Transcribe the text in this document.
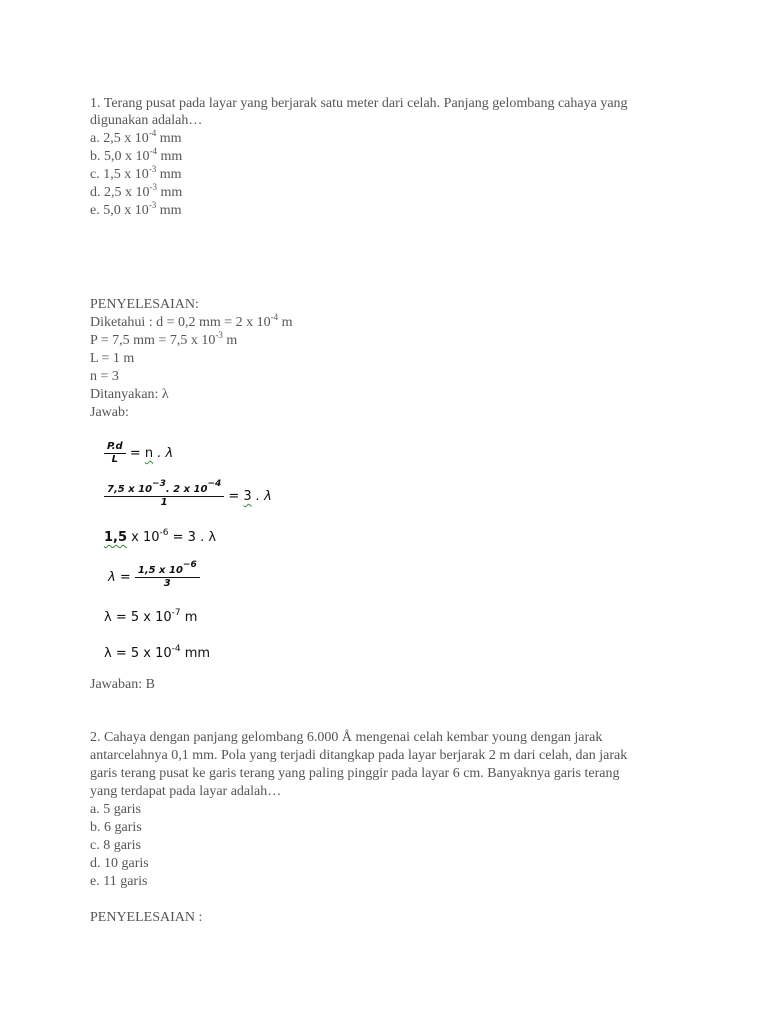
1. Terang pusat pada layar yang berjarak satu meter dari celah. Panjang gelombang cahaya yang
digunakan adalah…
a. 2,5 x $10^{-4}$ mm
b. 5,0 x $10^{-4}$ mm
c. 1,5 x $10^{-3}$ mm
d. 2,5 x $10^{-3}$ mm
e. 5,0 x $10^{-3}$ mm
PENYELESAIAN:
Diketahui : d = 0,2 mm = 2 x $10^{-4}$ m
P = 7,5 mm = 7,5 x $10^{-3}$ m
L = 1 m
n = 3
Ditanyakan: λ
Jawab:
$\frac{P.d}{L} = n$ . λ
$\frac{7,5 x 10^{-3}. 2 x 10^{-4}}{1} = 3$ . λ
1,5 x $10^{-6} = 3$ . λ
$\lambda = \frac{1,5 x 10^{-6}}{3}$
λ = 5 x $10^{-7}$ m
λ = 5 x $10^{-4}$ mm
Jawaban: B
2. Cahaya dengan panjang gelombang 6.000 Å mengenai celah kembar young dengan jarak
antarcelahnya 0,1 mm. Pola yang terjadi ditangkap pada layar berjarak 2 m dari celah, dan jarak
garis terang pusat ke garis terang yang paling pinggir pada layar 6 cm. Banyaknya garis terang
yang terdapat pada layar adalah…
a. 5 garis
b. 6 garis
c. 8 garis
d. 10 garis
e. 11 garis
PENYELESAIAN :
